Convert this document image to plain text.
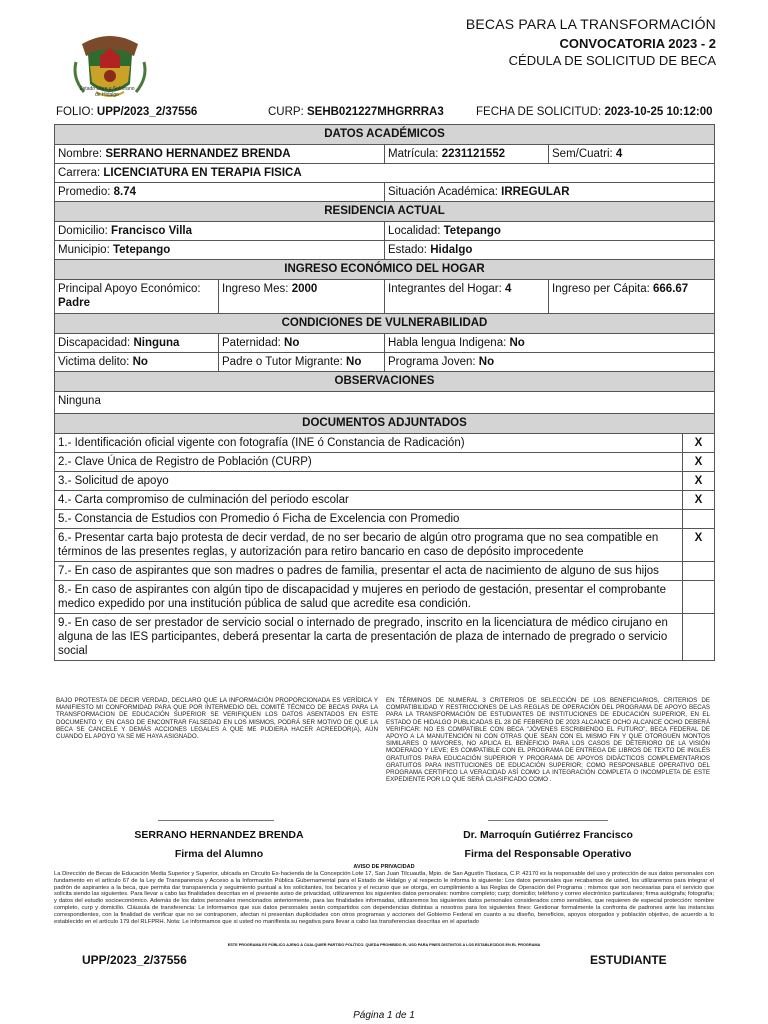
Estado Libre y Soberano
de Hidalgo
BECAS PARA LA TRANSFORMACIÓN
CONVOCATORIA 2023 - 2
CÉDULA DE SOLICITUD DE BECA
FOLIO: UPP/2023_2/37556	CURP: SEHB021227MHGRRRA3	FECHA DE SOLICITUD: 2023-10-25 10:12:00
DATOS ACADÉMICOS				
Nombre: SERRANO HERNANDEZ BRENDA		Matrícula: 2231121552	Sem/Cuatri: 4	
Carrera: LICENCIATURA EN TERAPIA FISICA				
Promedio: 8.74		Situación Académica: IRREGULAR		
RESIDENCIA ACTUAL				
Domicilio: Francisco Villa		Localidad: Tetepango		
Municipio: Tetepango		Estado: Hidalgo		
INGRESO ECONÓMICO DEL HOGAR				
Principal Apoyo Económico:
Padre	Ingreso Mes: 2000	Integrantes del Hogar: 4	Ingreso per Cápita: 666.67	
CONDICIONES DE VULNERABILIDAD				
Discapacidad: Ninguna	Paternidad: No	Habla lengua Indigena: No		
Victima delito: No	Padre o Tutor Migrante: No	Programa Joven: No		
OBSERVACIONES				
Ninguna				
DOCUMENTOS ADJUNTADOS				
1.- Identificación oficial vigente con fotografía (INE ó Constancia de Radicación)				X
2.- Clave Única de Registro de Población (CURP)				X
3.- Solicitud de apoyo				X
4.- Carta compromiso de culminación del periodo escolar				X
5.- Constancia de Estudios con Promedio ó Ficha de Excelencia con Promedio				
6.- Presentar carta bajo protesta de decir verdad, de no ser becario de algún otro programa que no sea compatible en términos de las presentes reglas, y autorización para retiro bancario en caso de depósito improcedente				X
7.- En caso de aspirantes que son madres o padres de familia, presentar el acta de nacimiento de alguno de sus hijos				
8.- En caso de aspirantes con algún tipo de discapacidad y mujeres en periodo de gestación, presentar el comprobante medico expedido por una institución pública de salud que acredite esa condición.				
9.- En caso de ser prestador de servicio social o internado de pregrado, inscrito en la licenciatura de médico cirujano en alguna de las IES participantes, deberá presentar la carta de presentación de plaza de internado de pregrado o servicio social				
BAJO PROTESTA DE DECIR VERDAD, DECLARO QUE LA INFORMACIÓN PROPORCIONADA ES VERÍDICA Y MANIFIESTO MI CONFORMIDAD PARA QUE POR INTERMEDIO DEL COMITÉ TÉCNICO DE BECAS PARA LA TRANSFORMACION DE EDUCACIÓN SUPERIOR SE VERIFIQUEN LOS DATOS ASENTADOS EN ESTE DOCUMENTO Y, EN CASO DE ENCONTRAR FALSEDAD EN LOS MISMOS, PODRÁ SER MOTIVO DE QUE LA BECA SE CANCELE Y DEMÁS ACCIONES LEGALES A QUE ME PUDIERA HACER ACREEDOR(A), AÚN CUANDO EL APOYO YA SE ME HAYA ASIGNADO.
EN TÉRMINOS DE NUMERAL 3 CRITERIOS DE SELECCIÓN DE LOS BENEFICIARIOS, CRITERIOS DE COMPATIBILIDAD Y RESTRICCIONES DE LAS REGLAS DE OPERACIÓN DEL PROGRAMA DE APOYO BECAS PARA LA TRANSFORMACIÓN DE ESTUDIANTES DE INSTITUCIONES DE EDUCACIÓN SUPERIOR, EN EL ESTADO DE HIDALGO PUBLICADAS EL 28 DE FEBRERO DE 2023 ALCANCE OCHO ALCANCE OCHO DEBERÁ VERIFICAR: NO ES COMPATIBLE CON BECA "JÓVENES ESCRIBIENDO EL FUTURO", BECA FEDERAL DE APOYO A LA MANUTENCIÓN NI CON OTRAS QUE SEAN CON EL MISMO FIN Y QUE OTORGUEN MONTOS SIMILARES O MAYORES, NO APLICA EL BENEFICIO PARA LOS CASOS DE DETERIORO DE LA VISIÓN MODERADO Y LEVE; ES COMPATIBLE CON EL PROGRAMA DE ENTREGA DE LIBROS DE TEXTO DE INGLÉS GRATUITOS PARA EDUCACIÓN SUPERIOR Y PROGRAMA DE APOYOS DIDÁCTICOS COMPLEMENTARIOS GRATUITOS PARA INSTITUCIONES DE EDUCACIÓN SUPERIOR; COMO RESPONSABLE OPERATIVO DEL PROGRAMA CERTIFICO LA VERACIDAD ASÍ COMO LA INTEGRACIÓN COMPLETA O INCOMPLETA DE ESTE EXPEDIENTE POR LO QUE SERÁ CLASIFICADO COMO .
SERRANO HERNANDEZ BRENDA
Firma del Alumno
Dr. Marroquín Gutiérrez Francisco
Firma del Responsable Operativo
AVISO DE PRIVACIDAD
La Dirección de Becas de Educación Media Superior y Superior, ubicada en Circuito Ex-hacienda de la Concepción Lote 17, San Juan Tilcuautla, Mpio. de San Agustín Tlaxiaca, C.P. 42170 es la responsable del uso y protección de sus datos personales con fundamento en el artículo 67 de la Ley de Transparencia y Acceso a la Información Pública Gubernamental para el Estado de Hidalgo y al respecto le informa lo siguiente: Los datos personales que recabamos de usted, los utilizaremos para integrar el padrón de aspirantes a la beca, que permita dar transparencia y seguimiento puntual a los solicitantes, los becarios y el recurso que se otorga, en cumplimiento a las Reglas de Operación del Programa ; mismos que son necesarias para el servicio que solicita siendo las siguientes. Para llevar a cabo las finalidades descritas en el presente aviso de privacidad, utilizaremos los siguientes datos personales: nombre completo; curp; domicilio; teléfono y correo electrónico particulares; firma autógrafa; fotografía; y datos del estudio socioeconómico. Además de los datos personales mencionados anteriormente, para las finalidades informadas, utilizaremos los siguientes datos personales considerados como sensibles, que requieren de especial protección: nombre completo, curp y domicilio. Cláusula de transferencia: Le informamos que sus datos personales serán compartidos con dependencias distintas a nosotros para los siguientes fines: Gestionar formalmente la confronta de padrones ante las instancias correspondientes, con la finalidad de verificar que no se contraponen, afectan ni presentan duplicidades con otros programas y acciones del Gobierno Federal en cuanto a su diseño, beneficios, apoyos otorgados y población objetivo, de acuerdo a lo establecido en el artículo 179 del RLFPRH. Nota: Le informamos que si usted no manifiesta su negativa para llevar a cabo las transferencias descritas en el apartado
ESTE PROGRAMA ES PÚBLICO AJENO A CUALQUIER PARTIDO POLÍTICO. QUEDA PROHIBIDO EL USO PARA FINES DISTINTOS A LOS ESTABLECIDOS EN EL PROGRAMA
UPP/2023_2/37556	ESTUDIANTE
Página 1 de 1
